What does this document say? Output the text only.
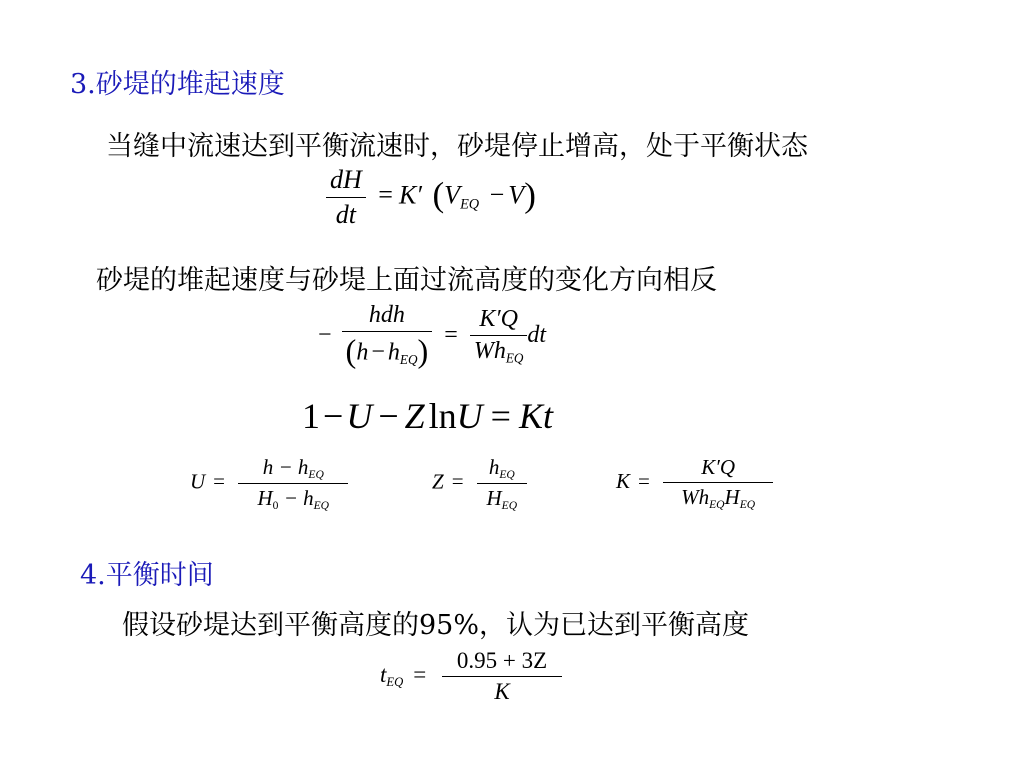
3.砂堤的堆起速度
当缝中流速达到平衡流速时，砂堤停止增高，处于平衡状态
$\frac{dH}{dt} = K'$ $(V_{EQ} - V)$
砂堤的堆起速度与砂堤上面过流高度的变化方向相反
− $\frac{\text{hdh}}{(h - h_{EQ})} = \frac{K'Q}{Wh_{EQ}}$ dt
1−U − Z lnU = Kt
$U = \frac{h - h_{EQ}}{H_0 - h_{EQ}}$	$Z = \frac{h_{EQ}}{H_{EQ}}$	$K = \frac{K'Q}{Wh_{EQ}H_{EQ}}$
4.平衡时间
假设砂堤达到平衡高度的95%，认为已达到平衡高度
$t_{EQ} = \frac{0.95 + 3Z}{K}$
